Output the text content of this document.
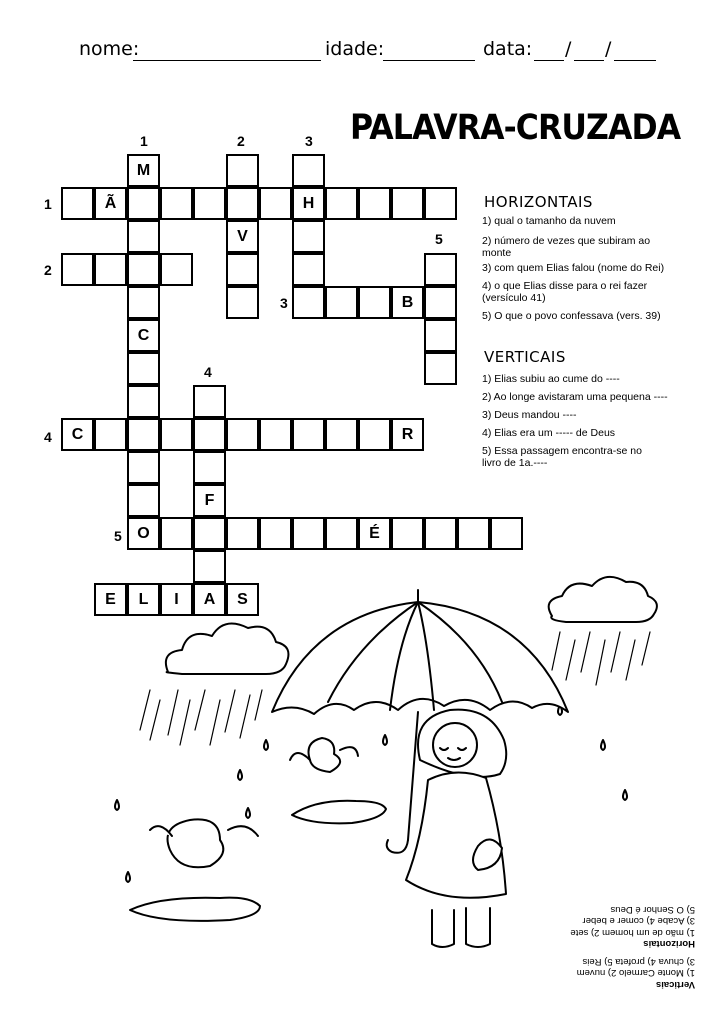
nome:	idade:	data: / /
PALAVRA-CRUZADA
M
C
O
Ã	H
V
B
F
C	R
É
E	L	I	A	S
1	2	3
4
5
1
2
3
4
5
HORIZONTAIS
1) qual o tamanho da nuvem
2) número de vezes que subiram ao monte
3) com quem Elias falou (nome do Rei)
4) o que Elias disse para o rei fazer (versículo 41)
5) O que o povo confessava (vers. 39)
VERTICAIS
1) Elias subiu ao cume do ----
2) Ao longe avistaram uma pequena ----
3) Deus mandou ----
4) Elias era um ----- de Deus
5) Essa passagem encontra-se no livro de 1a.----
Verticais
1) Monte Carmelo 2) nuvem
3) chuva 4) profeta 5) Reis
Horizontais
1) mão de um homem 2) sete
3) Acabe 4) comer e beber
5) O Senhor é Deus
